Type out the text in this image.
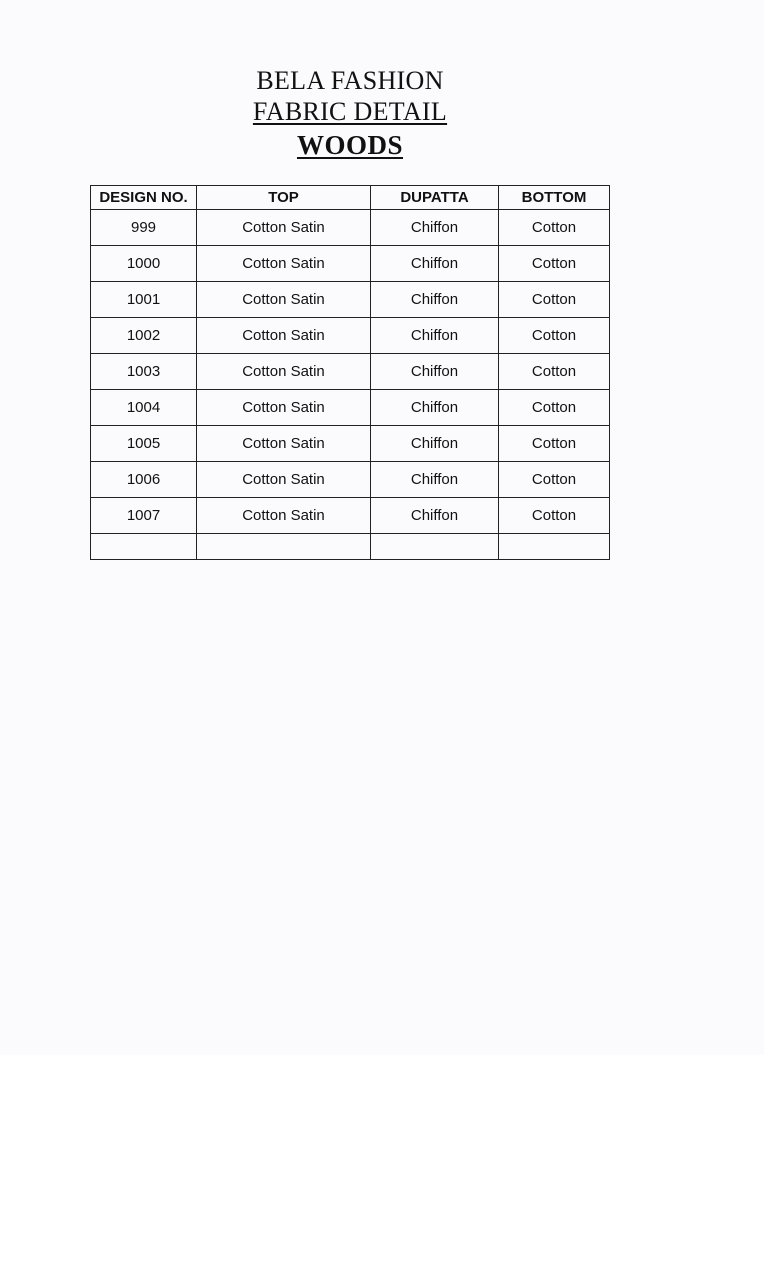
BELA FASHION
FABRIC DETAIL
WOODS
DESIGN NO.	TOP	DUPATTA	BOTTOM
999	Cotton Satin	Chiffon	Cotton
1000	Cotton Satin	Chiffon	Cotton
1001	Cotton Satin	Chiffon	Cotton
1002	Cotton Satin	Chiffon	Cotton
1003	Cotton Satin	Chiffon	Cotton
1004	Cotton Satin	Chiffon	Cotton
1005	Cotton Satin	Chiffon	Cotton
1006	Cotton Satin	Chiffon	Cotton
1007	Cotton Satin	Chiffon	Cotton
